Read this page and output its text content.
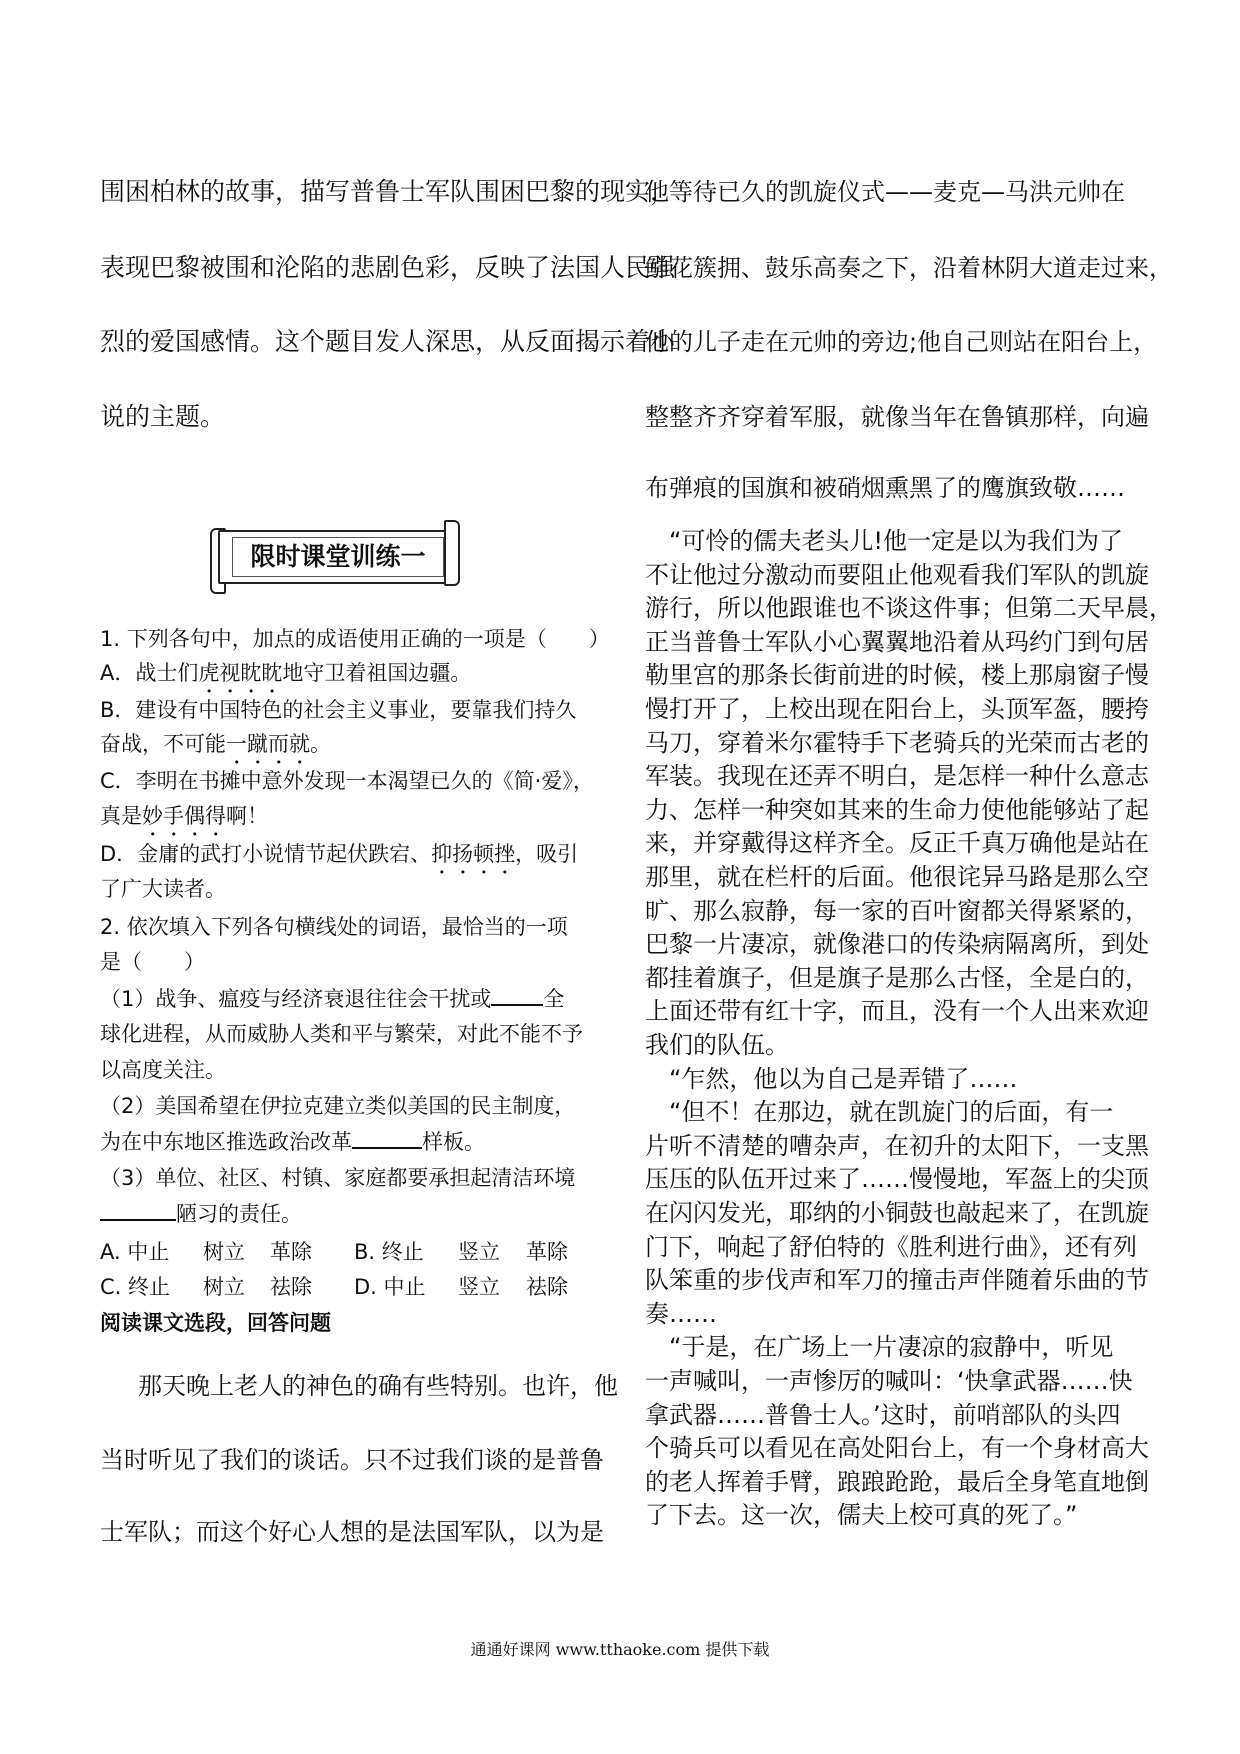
围困柏林的故事，描写普鲁士军队围困巴黎的现实，
表现巴黎被围和沦陷的悲剧色彩，反映了法国人民强
烈的爱国感情。这个题目发人深思，从反面揭示着小
说的主题。
限时课堂训练一
1. 下列各句中，加点的成语使用正确的一项是（　　）
A．战士们虎视眈眈地守卫着祖国边疆。
B．建设有中国特色的社会主义事业，要靠我们持久
奋战，不可能一蹴而就。
C．李明在书摊中意外发现一本渴望已久的《简·爱》，
真是妙手偶得啊！
D．金庸的武打小说情节起伏跌宕、抑扬顿挫，吸引
了广大读者。
2. 依次填入下列各句横线处的词语，最恰当的一项
是（　　）
（1）战争、瘟疫与经济衰退往往会干扰或 全
球化进程，从而威胁人类和平与繁荣，对此不能不予
以高度关注。
（2）美国希望在伊拉克建立类似美国的民主制度，
为在中东地区推选政治改革	样板。
（3）单位、社区、村镇、家庭都要承担起清洁环境
陋习的责任。
A. 中止 树立 革除 B. 终止 竖立 革除
C. 终止 树立 祛除 D. 中止 竖立 祛除
阅读课文选段，回答问题
那天晚上老人的神色的确有些特别。也许，他
当时听见了我们的谈话。只不过我们谈的是普鲁
士军队；而这个好心人想的是法国军队，以为是
他等待已久的凯旋仪式——麦克—马洪元帅在
鲜花簇拥、鼓乐高奏之下，沿着林阴大道走过来，
他的儿子走在元帅的旁边;他自己则站在阳台上，
整整齐齐穿着军服，就像当年在鲁镇那样，向遍
布弹痕的国旗和被硝烟熏黑了的鹰旗致敬……
　“可怜的儒夫老头儿!他一定是以为我们为了
不让他过分激动而要阻止他观看我们军队的凯旋
游行，所以他跟谁也不谈这件事；但第二天早晨，
正当普鲁士军队小心翼翼地沿着从玛约门到句居
勒里宫的那条长街前进的时候，楼上那扇窗子慢
慢打开了，上校出现在阳台上，头顶军盔，腰挎
马刀，穿着米尔霍特手下老骑兵的光荣而古老的
军装。我现在还弄不明白，是怎样一种什么意志
力、怎样一种突如其来的生命力使他能够站了起
来，并穿戴得这样齐全。反正千真万确他是站在
那里，就在栏杆的后面。他很诧异马路是那么空
旷、那么寂静，每一家的百叶窗都关得紧紧的，
巴黎一片凄凉，就像港口的传染病隔离所，到处
都挂着旗子，但是旗子是那么古怪，全是白的，
上面还带有红十字，而且，没有一个人出来欢迎
我们的队伍。
　“乍然，他以为自己是弄错了……
　“但不！在那边，就在凯旋门的后面，有一
片听不清楚的嘈杂声，在初升的太阳下，一支黑
压压的队伍开过来了……慢慢地，军盔上的尖顶
在闪闪发光，耶纳的小铜鼓也敲起来了，在凯旋
门下，响起了舒伯特的《胜利进行曲》，还有列
队笨重的步伐声和军刀的撞击声伴随着乐曲的节
奏……
　“于是，在广场上一片凄凉的寂静中，听见
一声喊叫，一声惨厉的喊叫：‘快拿武器……快
拿武器……普鲁士人。’这时，前哨部队的头四
个骑兵可以看见在高处阳台上，有一个身材高大
的老人挥着手臂，踉踉跄跄，最后全身笔直地倒
了下去。这一次，儒夫上校可真的死了。”
通通好课网 www.tthaoke.com 提供下载
